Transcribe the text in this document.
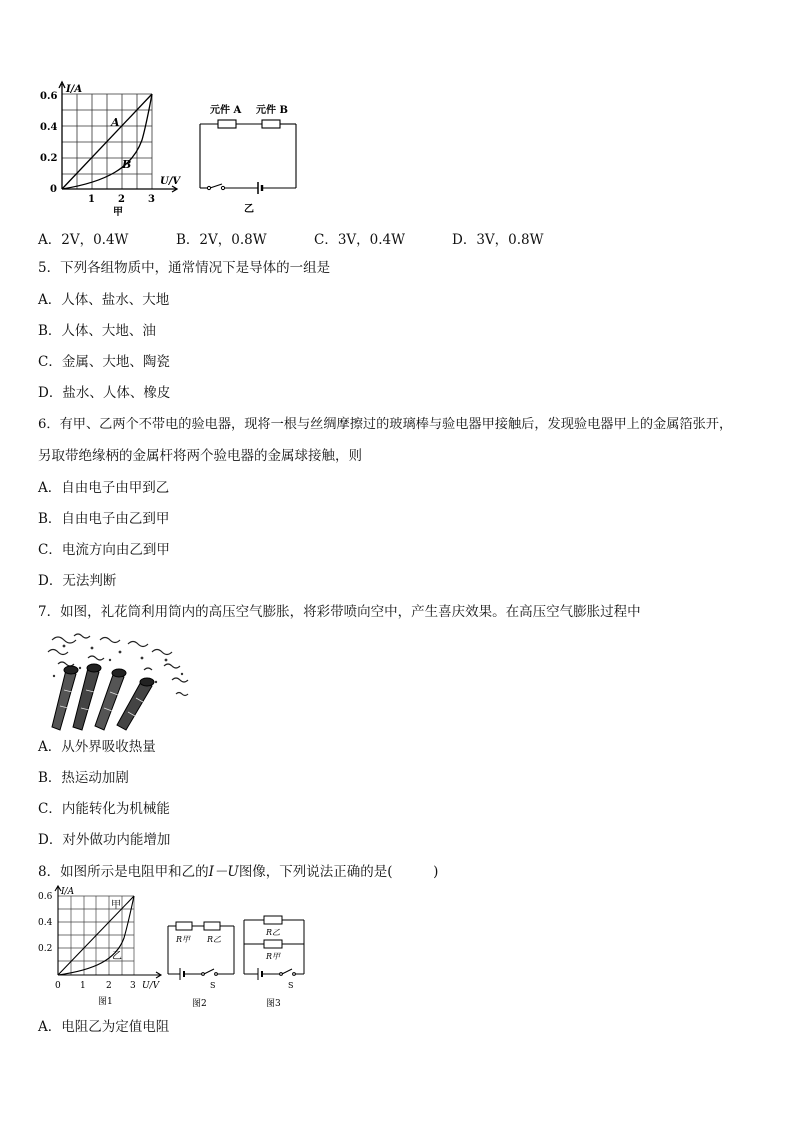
A
B
I/A
U/V
0.6
0.4
0.2
0
1 2 3
甲
元件 A 元件 B
乙
A．2V，0.4W	B．2V，0.8W	C．3V，0.4W	D．3V，0.8W
5．下列各组物质中，通常情况下是导体的一组是
A．人体、盐水、大地
B．人体、大地、油
C．金属、大地、陶瓷
D．盐水、人体、橡皮
6．有甲、乙两个不带电的验电器，现将一根与丝绸摩擦过的玻璃棒与验电器甲接触后，发现验电器甲上的金属箔张开，
另取带绝缘柄的金属杆将两个验电器的金属球接触，则
A．自由电子由甲到乙
B．自由电子由乙到甲
C．电流方向由乙到甲
D．无法判断
7．如图，礼花筒利用筒内的高压空气膨胀，将彩带喷向空中，产生喜庆效果。在高压空气膨胀过程中
A．从外界吸收热量
B．热运动加剧
C．内能转化为机械能
D．对外做功内能增加
8．如图所示是电阻甲和乙的I－U图像，下列说法正确的是(　　　)
甲
乙
I/A
U/V
0.6
0.4
0.2
0 1 2 3
图1
R甲 R乙
S
图2
R乙
R甲
S
图3
A．电阻乙为定值电阻
